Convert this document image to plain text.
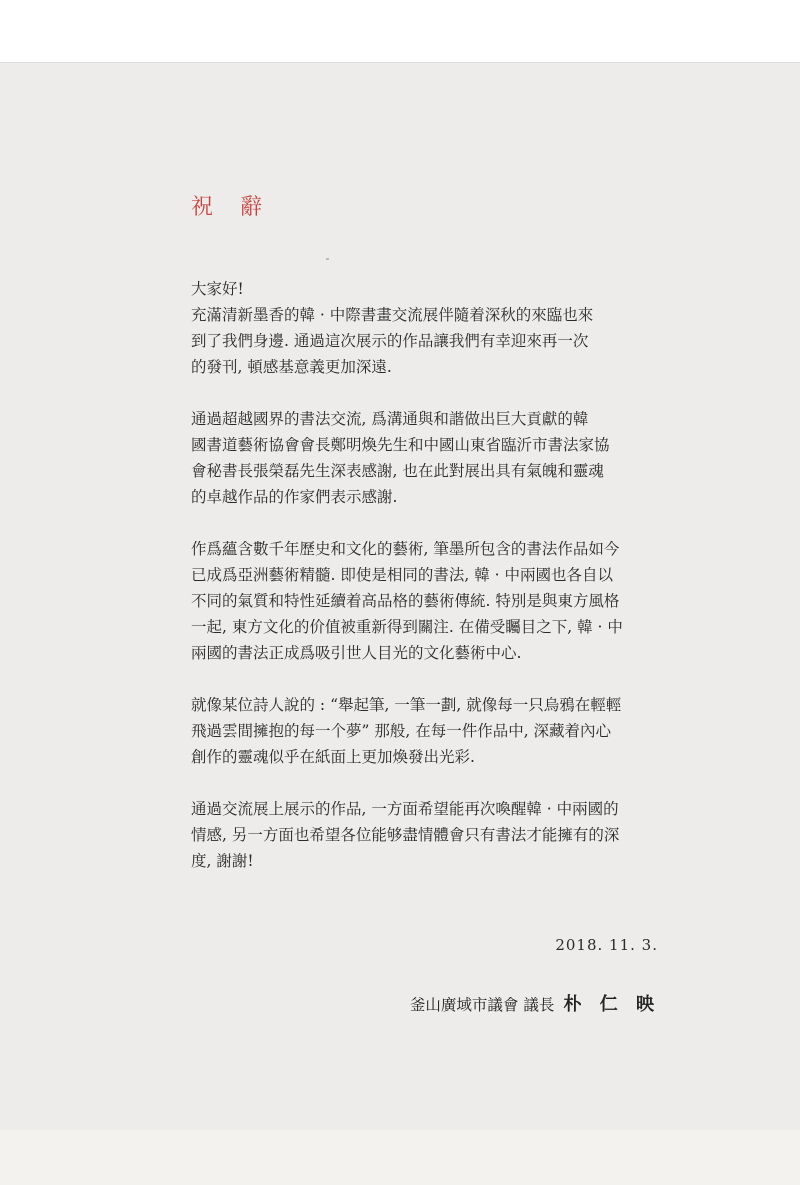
祝 辭
大家好!
充滿清新墨香的韓 · 中際書畫交流展伴隨着深秋的來臨也來
到了我們身邊. 通過這次展示的作品讓我們有幸迎來再一次
的發刊, 頓感基意義更加深遠.
通過超越國界的書法交流, 爲溝通與和諧做出巨大貢獻的韓
國書道藝術協會會長鄭明煥先生和中國山東省臨沂市書法家協
會秘書長張榮磊先生深表感謝, 也在此對展出具有氣魄和靈魂
的卓越作品的作家們表示感謝.
作爲蘊含數千年歷史和文化的藝術, 筆墨所包含的書法作品如今
已成爲亞洲藝術精髓. 即使是相同的書法, 韓 · 中兩國也各自以
不同的氣質和特性延續着高品格的藝術傳統. 特別是與東方風格
一起, 東方文化的价值被重新得到關注. 在備受矚目之下, 韓 · 中
兩國的書法正成爲吸引世人目光的文化藝術中心.
就像某位詩人說的 : “舉起筆, 一筆一劃, 就像每一只烏鴉在輕輕
飛過雲間擁抱的每一个夢” 那般, 在每一件作品中, 深藏着內心
創作的靈魂似乎在紙面上更加煥發出光彩.
通過交流展上展示的作品, 一方面希望能再次喚醒韓 · 中兩國的
情感, 另一方面也希望各位能够盡情體會只有書法才能擁有的深
度, 謝謝!
2018. 11. 3.
釜山廣域市議會 議長 朴 仁 映
